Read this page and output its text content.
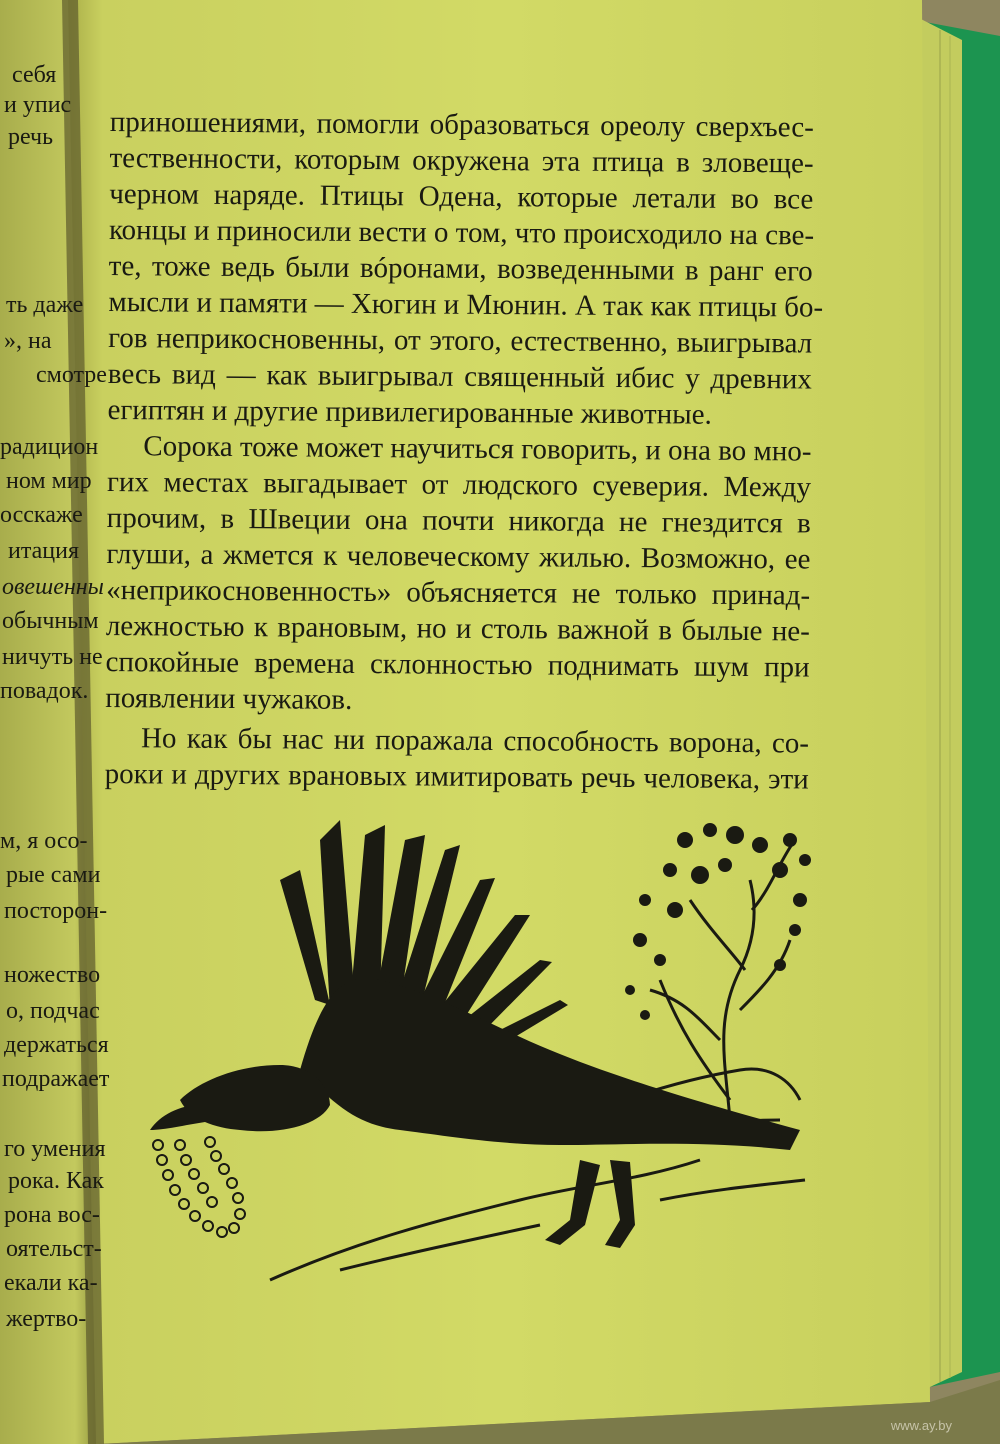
себя
и упис
речь
ть даже
», на
смотре
радицион
ном мир
осскаже
итация
овешенны
обычным
ничуть не
повадок.
м, я осо-
рые сами
посторон-
ножество
о, подчас
держаться
подражает
го умения
рока. Как
рона вос-
оятельст-
екали ка-
жертво-
приношениями, помогли образоваться ореолу сверхъес-
тественности, которым окружена эта птица в зловеще-
черном наряде. Птицы Одена, которые летали во все
концы и приносили вести о том, что происходило на све-
те, тоже ведь были вóронами, возведенными в ранг его
мысли и памяти — Хюгин и Мюнин. А так как птицы бо-
гов неприкосновенны, от этого, естественно, выигрывал
весь вид — как выигрывал священный ибис у древних
египтян и другие привилегированные животные.
Сорока тоже может научиться говорить, и она во мно-
гих местах выгадывает от людского суеверия. Между
прочим, в Швеции она почти никогда не гнездится в
глуши, а жмется к человеческому жилью. Возможно, ее
«неприкосновенность» объясняется не только принад-
лежностью к врановым, но и столь важной в былые не-
спокойные времена склонностью поднимать шум при
появлении чужаков.
Но как бы нас ни поражала способность ворона, со-
роки и других врановых имитировать речь человека, эти
www.ay.by
